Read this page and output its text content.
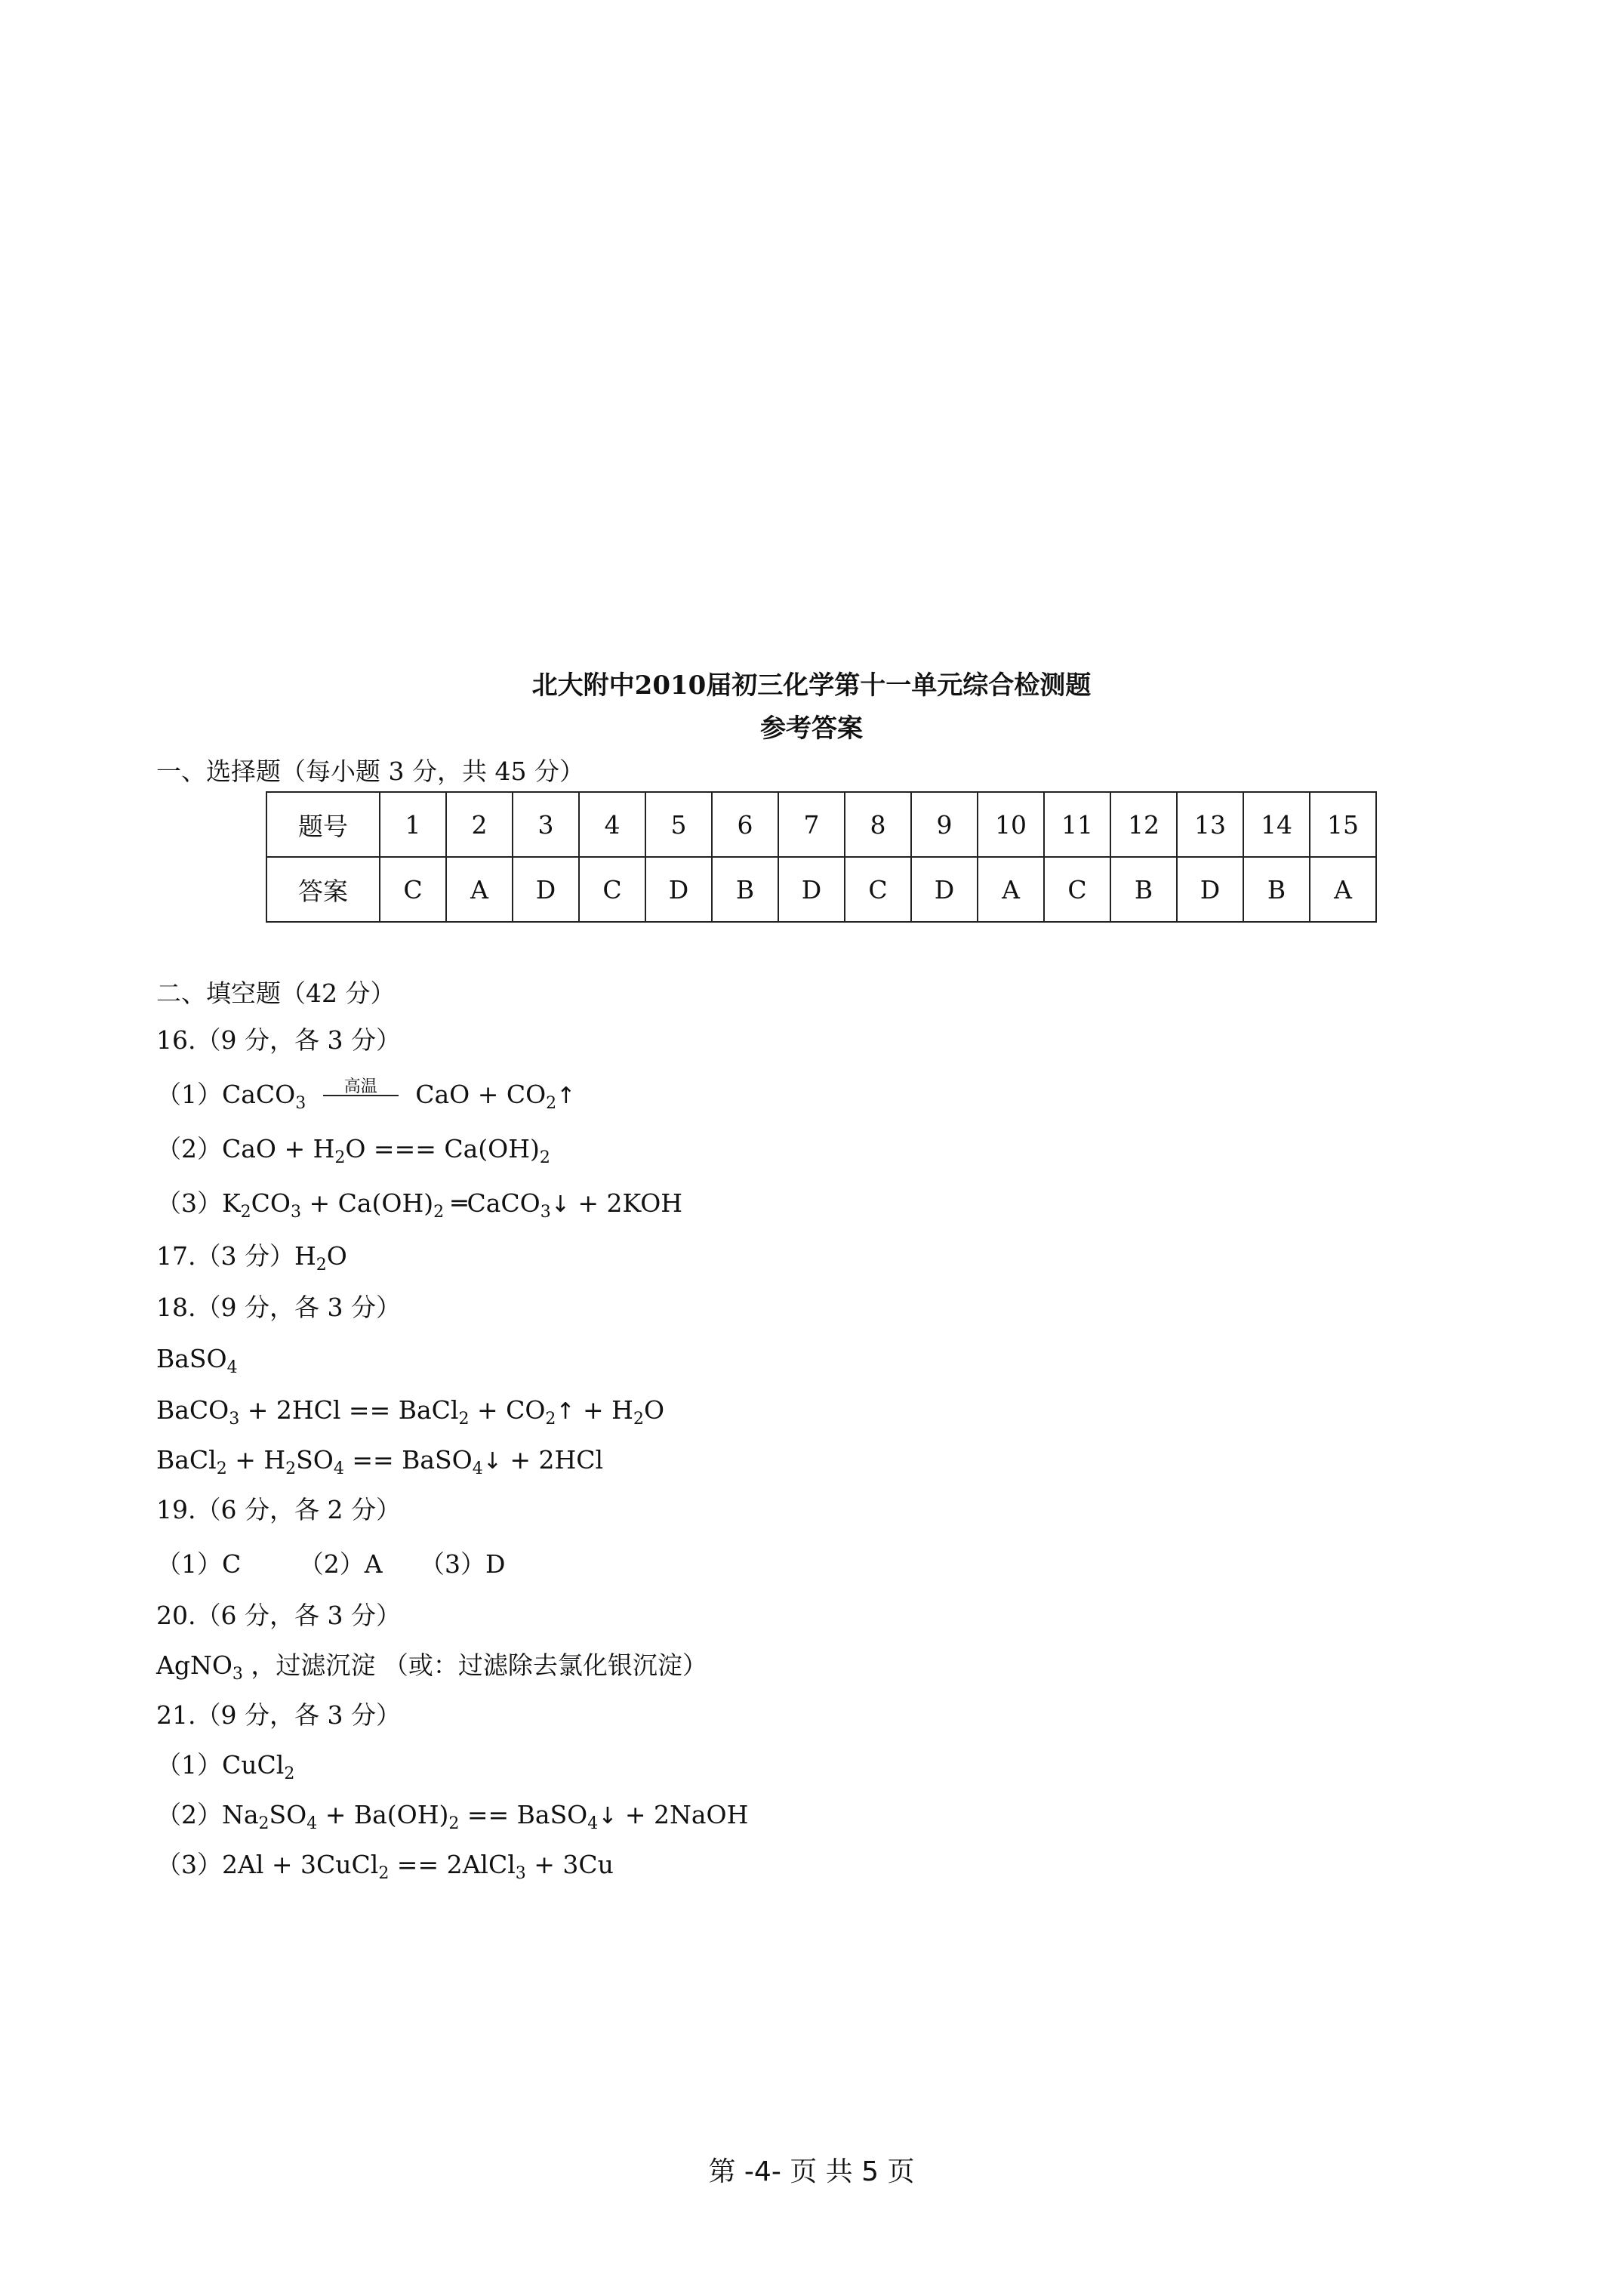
北大附中2010届初三化学第十一单元综合检测题
参考答案
一、选择题（每小题 3 分，共 45 分）
题号	1	2	3	4	5	6	7	8	9	10	11	12	13	14	15
答案	C	A	D	C	D	B	D	C	D	A	C	B	D	B	A
二、填空题（42 分）
16.（9 分，各 3 分）
（1）CaCO$_3$
高温	CaO + $CO_2↑$
$(2)CaO + H_2O$ === $Ca(OH)_2$
$(3)K_2CO_3 + Ca(OH)_2$ ═CaCO$_3$↓ + 2KOH
17.（3 分）$H_2O$
18.（9 分，各 3 分）
BaSO$_4$
BaCO$_3$ + 2HCl == BaCl$_2$ + $CO_2↑ + H_2O$
BaCl$_2$ + $H_2SO_4$ == BaSO$_4$↓ + 2HCl
19.（6 分，各 2 分）
（1）C　　 （2）A　　（3）D
20.（6 分，各 3 分）
AgNO$_3$ ，过滤沉淀 （或：过滤除去氯化银沉淀）
21.（9 分，各 3 分）
（1）CuCl$_2$
$(2)Na_2SO_4 + Ba(OH)_2$ == BaSO$_4$↓ + 2NaOH
（3）2Al + 3CuCl$_2$ == 2AlCl$_3$ + 3Cu
第 -4- 页 共 5 页
